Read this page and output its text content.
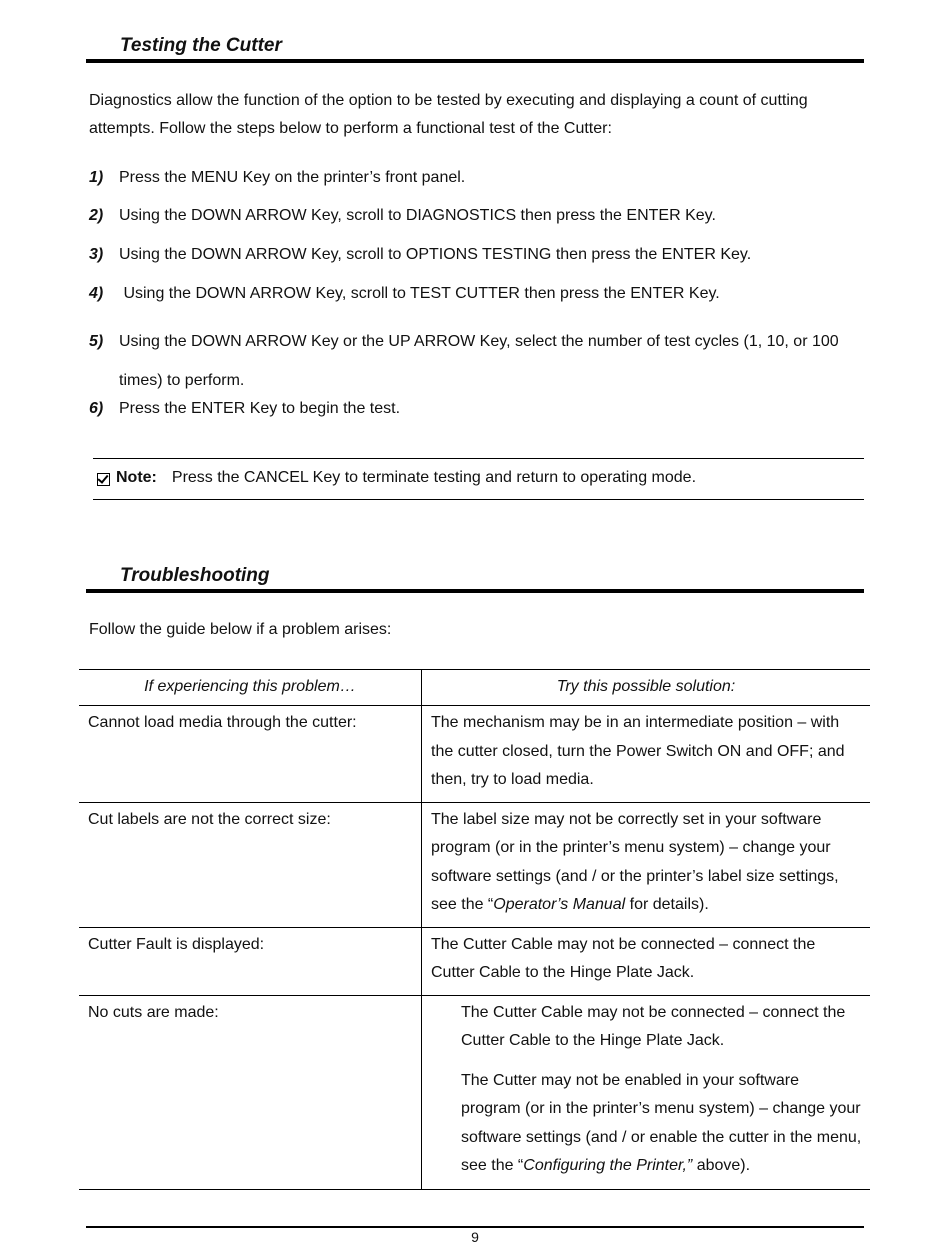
Testing the Cutter
Diagnostics allow the function of the option to be tested by executing and displaying a count of cutting attempts. Follow the steps below to perform a functional test of the Cutter:
1) Press the MENU Key on the printer’s front panel.
2) Using the DOWN ARROW Key, scroll to DIAGNOSTICS then press the ENTER Key.
3) Using the DOWN ARROW Key, scroll to OPTIONS TESTING then press the ENTER Key.
4) Using the DOWN ARROW Key, scroll to TEST CUTTER then press the ENTER Key.
5) Using the DOWN ARROW Key or the UP ARROW Key, select the number of test cycles (1, 10, or 100 times) to perform.
6) Press the ENTER Key to begin the test.
Note: Press the CANCEL Key to terminate testing and return to operating mode.
Troubleshooting
Follow the guide below if a problem arises:
If experiencing this problem…	Try this possible solution:
Cannot load media through the cutter:	The mechanism may be in an intermediate position – with the cutter closed, turn the Power Switch ON and OFF; and then, try to load media.
Cut labels are not the correct size:	The label size may not be correctly set in your software program (or in the printer’s menu system) – change your software settings (and / or the printer’s label size settings, see the “Operator’s Manual for details).
Cutter Fault is displayed:	The Cutter Cable may not be connected – connect the Cutter Cable to the Hinge Plate Jack.
No cuts are made:	The Cutter Cable may not be connected – connect the Cutter Cable to the Hinge Plate Jack.

The Cutter may not be enabled in your software program (or in the printer’s menu system) – change your software settings (and / or enable the cutter in the menu, see the “Configuring the Printer,” above).

9
